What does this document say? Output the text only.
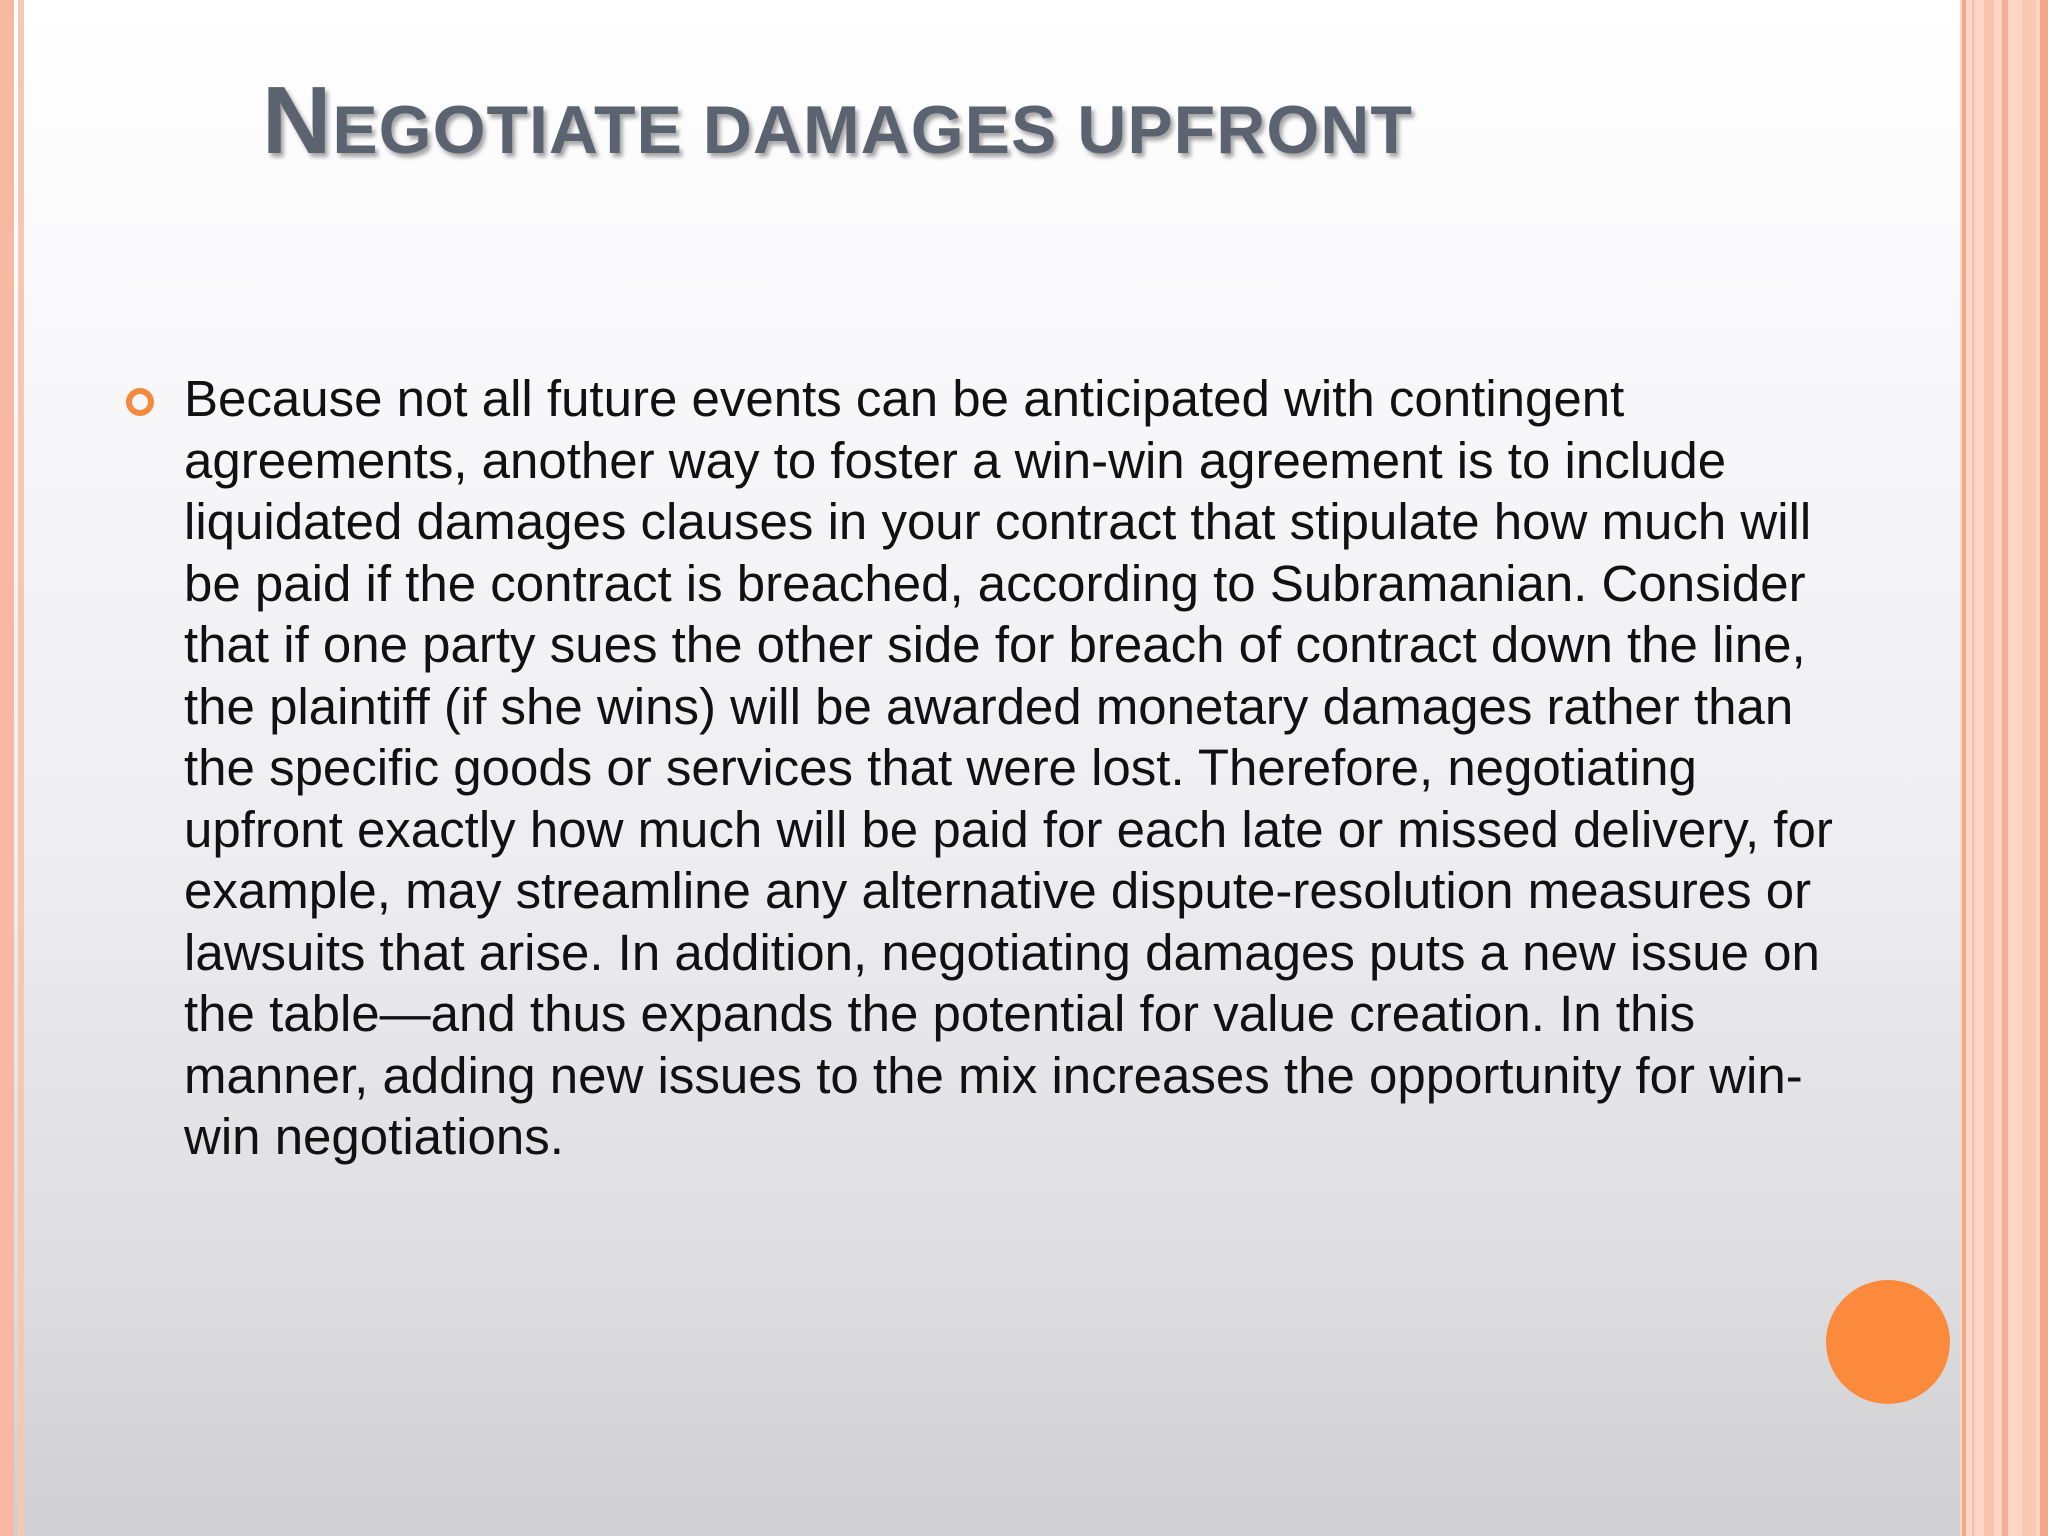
NEGOTIATE DAMAGES UPFRONT

Because not all future events can be anticipated with contingent agreements, another way to foster a win-win agreement is to include liquidated damages clauses in your contract that stipulate how much will be paid if the contract is breached, according to Subramanian. Consider that if one party sues the other side for breach of contract down the line, the plaintiff (if she wins) will be awarded monetary damages rather than the specific goods or services that were lost. Therefore, negotiating upfront exactly how much will be paid for each late or missed delivery, for example, may streamline any alternative dispute-resolution measures or lawsuits that arise. In addition, negotiating damages puts a new issue on the table—and thus expands the potential for value creation. In this manner, adding new issues to the mix increases the opportunity for win-win negotiations.
